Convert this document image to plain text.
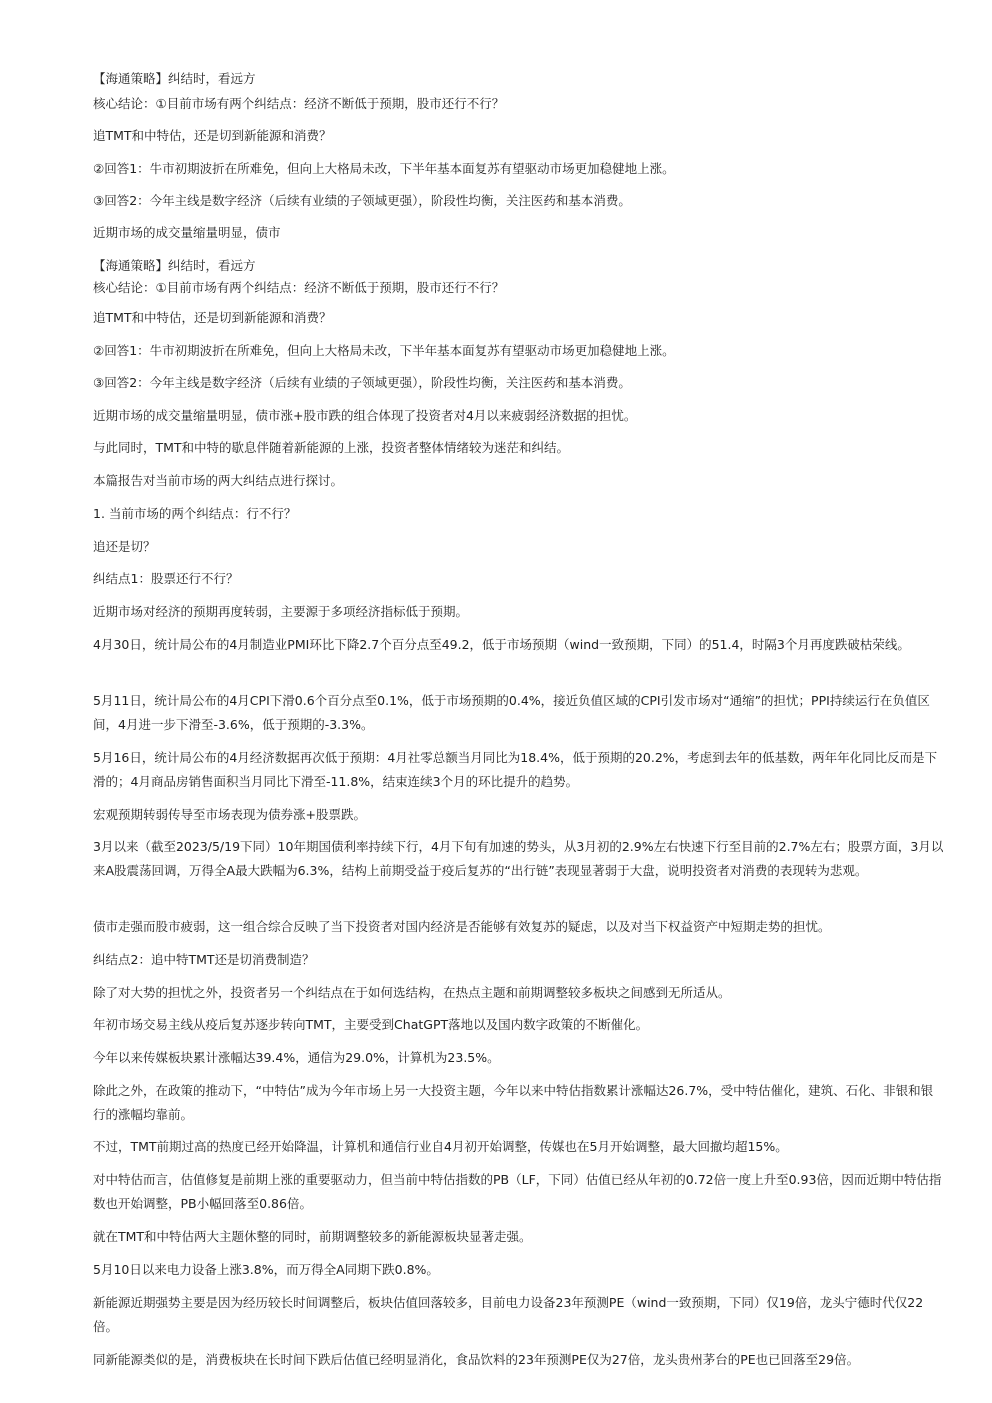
【海通策略】纠结时，看远方

核心结论：①目前市场有两个纠结点：经济不断低于预期，股市还行不行？

追TMT和中特估，还是切到新能源和消费？

②回答1：牛市初期波折在所难免，但向上大格局未改，下半年基本面复苏有望驱动市场更加稳健地上涨。

③回答2：今年主线是数字经济（后续有业绩的子领域更强），阶段性均衡，关注医药和基本消费。

近期市场的成交量缩量明显，债市

【海通策略】纠结时，看远方

核心结论：①目前市场有两个纠结点：经济不断低于预期，股市还行不行？

追TMT和中特估，还是切到新能源和消费？

②回答1：牛市初期波折在所难免，但向上大格局未改，下半年基本面复苏有望驱动市场更加稳健地上涨。

③回答2：今年主线是数字经济（后续有业绩的子领域更强），阶段性均衡，关注医药和基本消费。

近期市场的成交量缩量明显，债市涨+股市跌的组合体现了投资者对4月以来疲弱经济数据的担忧。

与此同时，TMT和中特的歇息伴随着新能源的上涨，投资者整体情绪较为迷茫和纠结。

本篇报告对当前市场的两大纠结点进行探讨。

1. 当前市场的两个纠结点：行不行？

追还是切？

纠结点1：股票还行不行？

近期市场对经济的预期再度转弱，主要源于多项经济指标低于预期。

4月30日，统计局公布的4月制造业PMI环比下降2.7个百分点至49.2，低于市场预期（wind一致预期，下同）的51.4，时隔3个月再度跌破枯荣线。

5月11日，统计局公布的4月CPI下滑0.6个百分点至0.1%，低于市场预期的0.4%，接近负值区域的CPI引发市场对“通缩”的担忧；PPI持续运行在负值区间，4月进一步下滑至-3.6%，低于预期的-3.3%。

5月16日，统计局公布的4月经济数据再次低于预期：4月社零总额当月同比为18.4%，低于预期的20.2%，考虑到去年的低基数，两年年化同比反而是下滑的；4月商品房销售面积当月同比下滑至-11.8%，结束连续3个月的环比提升的趋势。

宏观预期转弱传导至市场表现为债券涨+股票跌。

3月以来（截至2023/5/19下同）10年期国债利率持续下行，4月下旬有加速的势头，从3月初的2.9%左右快速下行至目前的2.7%左右；股票方面，3月以来A股震荡回调，万得全A最大跌幅为6.3%，结构上前期受益于疫后复苏的“出行链”表现显著弱于大盘，说明投资者对消费的表现转为悲观。

债市走强而股市疲弱，这一组合综合反映了当下投资者对国内经济是否能够有效复苏的疑虑，以及对当下权益资产中短期走势的担忧。

纠结点2：追中特TMT还是切消费制造？

除了对大势的担忧之外，投资者另一个纠结点在于如何选结构，在热点主题和前期调整较多板块之间感到无所适从。

年初市场交易主线从疫后复苏逐步转向TMT，主要受到ChatGPT落地以及国内数字政策的不断催化。

今年以来传媒板块累计涨幅达39.4%，通信为29.0%，计算机为23.5%。

除此之外，在政策的推动下，“中特估”成为今年市场上另一大投资主题，今年以来中特估指数累计涨幅达26.7%，受中特估催化，建筑、石化、非银和银行的涨幅均靠前。

不过，TMT前期过高的热度已经开始降温，计算机和通信行业自4月初开始调整，传媒也在5月开始调整，最大回撤均超15%。

对中特估而言，估值修复是前期上涨的重要驱动力，但当前中特估指数的PB（LF，下同）估值已经从年初的0.72倍一度上升至0.93倍，因而近期中特估指数也开始调整，PB小幅回落至0.86倍。

就在TMT和中特估两大主题休整的同时，前期调整较多的新能源板块显著走强。

5月10日以来电力设备上涨3.8%，而万得全A同期下跌0.8%。

新能源近期强势主要是因为经历较长时间调整后，板块估值回落较多，目前电力设备23年预测PE（wind一致预期，下同）仅19倍，龙头宁德时代仅22倍。

同新能源类似的是，消费板块在长时间下跌后估值已经明显消化，食品饮料的23年预测PE仅为27倍，龙头贵州茅台的PE也已回落至29倍。
